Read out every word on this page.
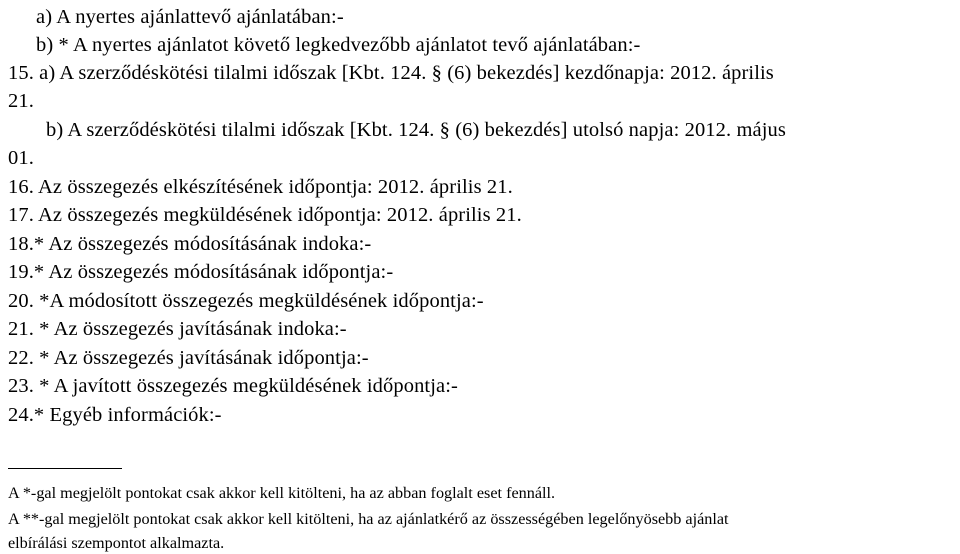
a) A nyertes ajánlattevő ajánlatában:-
b) * A nyertes ajánlatot követő legkedvezőbb ajánlatot tevő ajánlatában:-
15. a) A szerződéskötési tilalmi időszak [Kbt. 124. § (6) bekezdés] kezdőnapja: 2012. április
21.
b) A szerződéskötési tilalmi időszak [Kbt. 124. § (6) bekezdés] utolsó napja: 2012. május
01.
16. Az összegezés elkészítésének időpontja: 2012. április 21.
17. Az összegezés megküldésének időpontja: 2012. április 21.
18.* Az összegezés módosításának indoka:-
19.* Az összegezés módosításának időpontja:-
20. *A módosított összegezés megküldésének időpontja:-
21. * Az összegezés javításának indoka:-
22. * Az összegezés javításának időpontja:-
23. * A javított összegezés megküldésének időpontja:-
24.* Egyéb információk:-
A *-gal megjelölt pontokat csak akkor kell kitölteni, ha az abban foglalt eset fennáll.
A **-gal megjelölt pontokat csak akkor kell kitölteni, ha az ajánlatkérő az összességében legelőnyösebb ajánlat
elbírálási szempontot alkalmazta.
